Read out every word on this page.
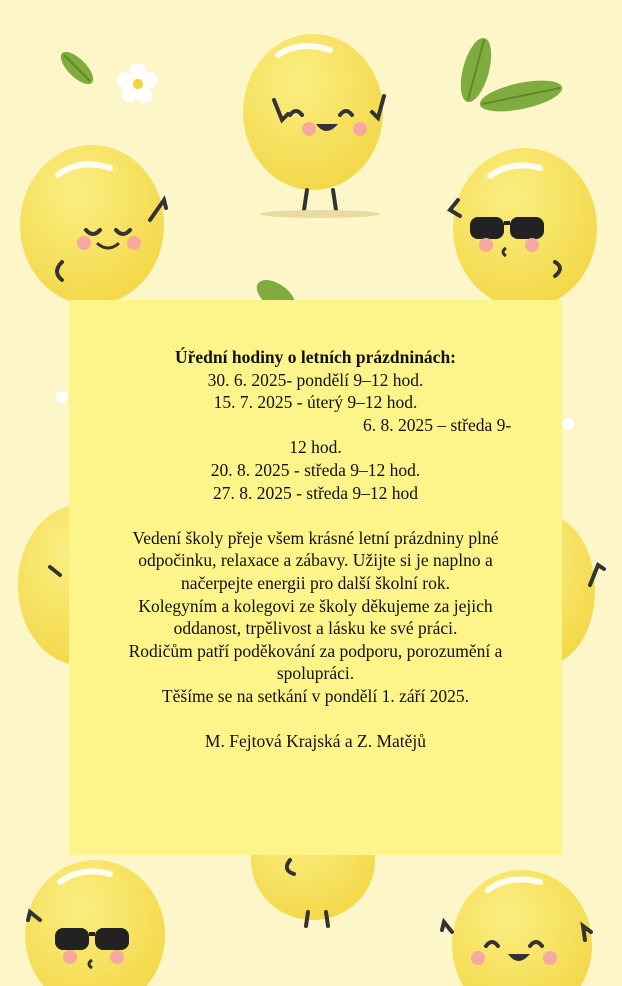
Úřední hodiny o letních prázdninách:

30. 6. 2025- pondělí 9–12 hod.

15. 7. 2025 - úterý 9–12 hod.

6. 8. 2025 – středa 9-

12 hod.

20. 8. 2025 - středa 9–12 hod.

27. 8. 2025 - středa 9–12 hod

Vedení školy přeje všem krásné letní prázdniny plné

odpočinku, relaxace a zábavy. Užijte si je naplno a

načerpejte energii pro další školní rok.

Kolegyním a kolegovi ze školy děkujeme za jejich

oddanost, trpělivost a lásku ke své práci.

Rodičům patří poděkování za podporu, porozumění a

spolupráci.

Těšíme se na setkání v pondělí 1. září 2025.

M. Fejtová Krajská a Z. Matějů
